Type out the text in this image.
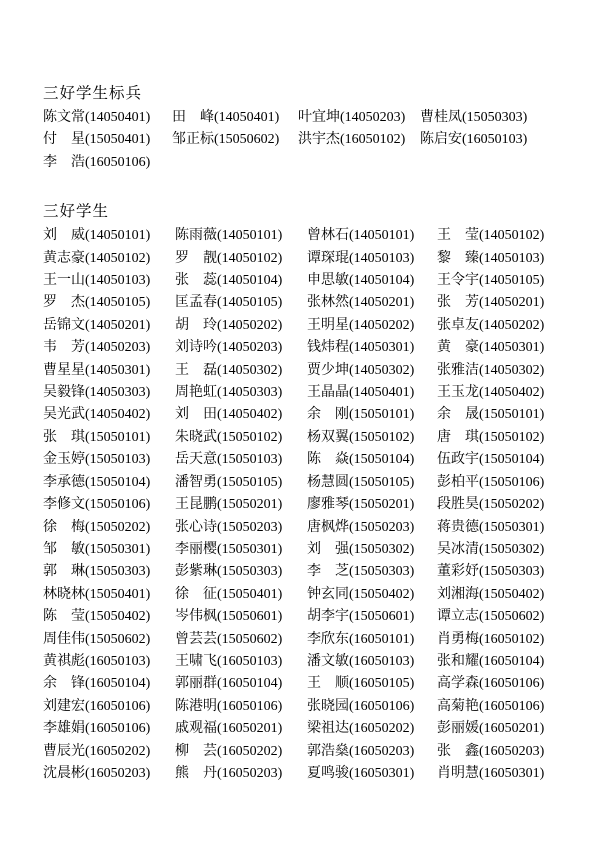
三好学生标兵
陈文常(14050401)	田　峰(14050401)	叶宜坤(14050203)	曹桂凤(15050303)
付　星(15050401)	邹正标(15050602)	洪宇杰(16050102)	陈启安(16050103)
李　浩(16050106)
三好学生
刘　威(14050101)	陈雨薇(14050101)	曾林石(14050101)	王　莹(14050102)
黄志豪(14050102)	罗　靓(14050102)	谭琛琨(14050103)	黎　臻(14050103)
王一山(14050103)	张　蕊(14050104)	申思敏(14050104)	王令宇(14050105)
罗　杰(14050105)	匡孟春(14050105)	张林然(14050201)	张　芳(14050201)
岳锦文(14050201)	胡　玲(14050202)	王明星(14050202)	张卓友(14050202)
韦　芳(14050203)	刘诗吟(14050203)	钱炜程(14050301)	黄　豪(14050301)
曹星星(14050301)	王　磊(14050302)	贾少坤(14050302)	张雅洁(14050302)
吴毅锋(14050303)	周艳虹(14050303)	王晶晶(14050401)	王玉龙(14050402)
吴光武(14050402)	刘　田(14050402)	余　刚(15050101)	余　晟(15050101)
张　琪(15050101)	朱晓武(15050102)	杨双翼(15050102)	唐　琪(15050102)
金玉婷(15050103)	岳天意(15050103)	陈　焱(15050104)	伍政宇(15050104)
李承德(15050104)	潘智勇(15050105)	杨慧圆(15050105)	彭柏平(15050106)
李修文(15050106)	王昆鹏(15050201)	廖雅琴(15050201)	段胜昊(15050202)
徐　梅(15050202)	张心诗(15050203)	唐枫烨(15050203)	蒋贵德(15050301)
邹　敏(15050301)	李丽樱(15050301)	刘　强(15050302)	吴冰清(15050302)
郭　琳(15050303)	彭紫琳(15050303)	李　芝(15050303)	董彩妤(15050303)
林晓林(15050401)	徐　征(15050401)	钟玄同(15050402)	刘湘海(15050402)
陈　莹(15050402)	岑伟枫(15050601)	胡李宇(15050601)	谭立志(15050602)
周佳伟(15050602)	曾芸芸(15050602)	李欣东(16050101)	肖勇梅(16050102)
黄祺彪(16050103)	王啸飞(16050103)	潘文敏(16050103)	张和耀(16050104)
余　锋(16050104)	郭丽群(16050104)	王　顺(16050105)	高学森(16050106)
刘建宏(16050106)	陈港明(16050106)	张晓园(16050106)	高菊艳(16050106)
李雄娟(16050106)	戚观福(16050201)	梁祖达(16050202)	彭丽媛(16050201)
曹辰光(16050202)	柳　芸(16050202)	郭浩燊(16050203)	张　鑫(16050203)
沈晨彬(16050203)	熊　丹(16050203)	夏鸣骏(16050301)	肖明慧(16050301)
